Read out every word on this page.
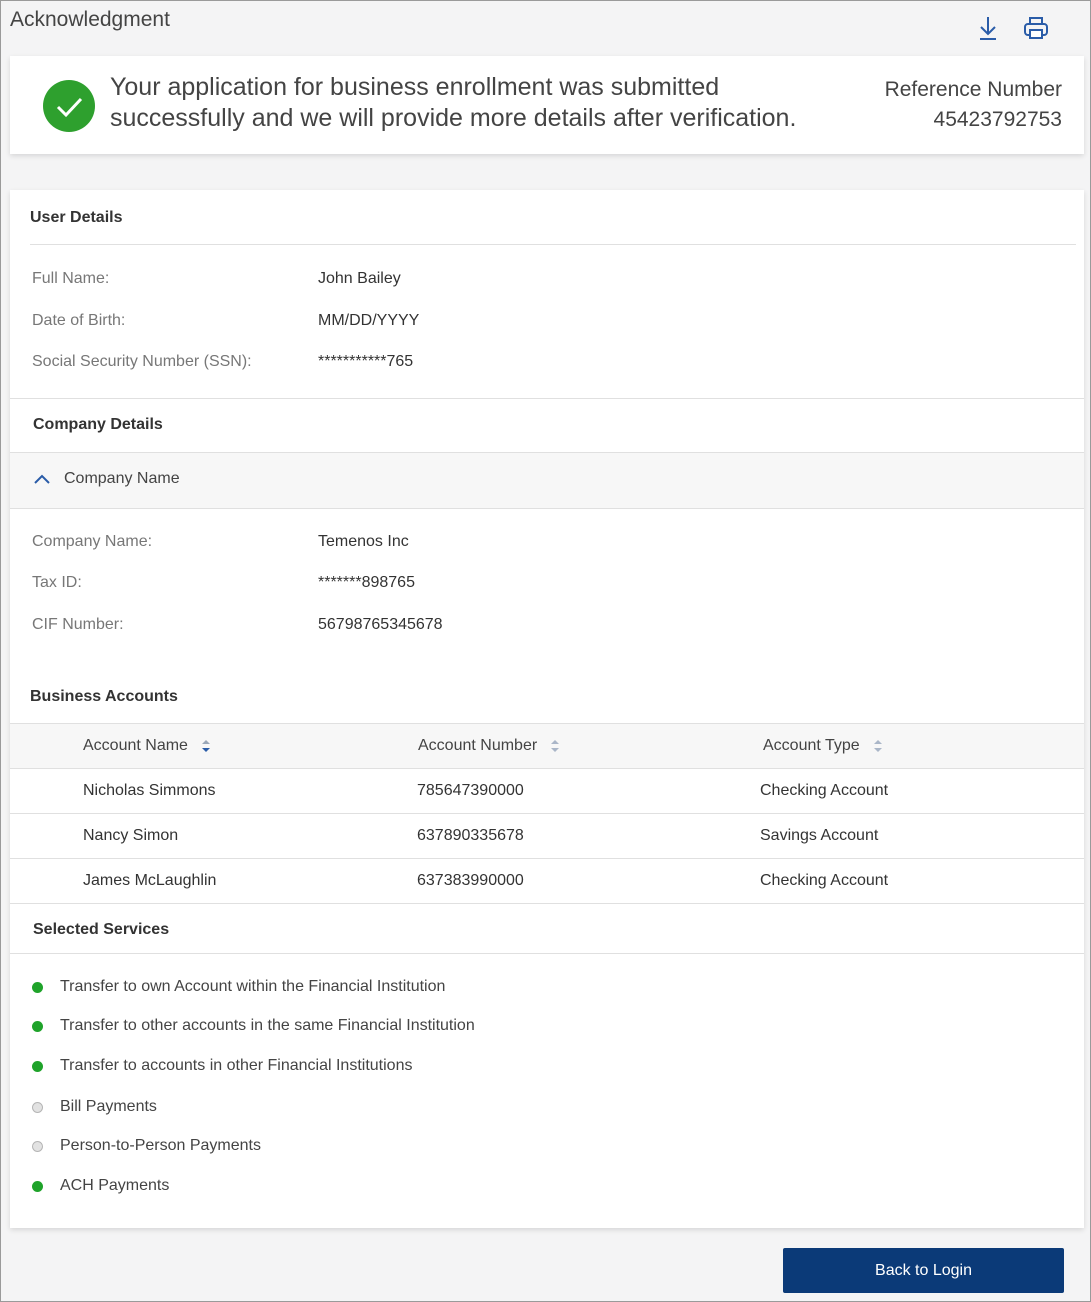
Acknowledgment
Your application for business enrollment was submitted successfully and we will provide more details after verification.
Reference Number
45423792753
User Details
Full Name:	John Bailey
Date of Birth:	MM/DD/YYYY
Social Security Number (SSN):	***********765
Company Details
Company Name
Company Name:	Temenos Inc
Tax ID:	*******898765
CIF Number:	56798765345678
Business Accounts
Account Name	Account Number	Account Type
Nicholas Simmons	785647390000	Checking Account
Nancy Simon	637890335678	Savings Account
James McLaughlin	637383990000	Checking Account
Selected Services
Transfer to own Account within the Financial Institution
Transfer to other accounts in the same Financial Institution
Transfer to accounts in other Financial Institutions
Bill Payments
Person-to-Person Payments
ACH Payments
Back to Login
